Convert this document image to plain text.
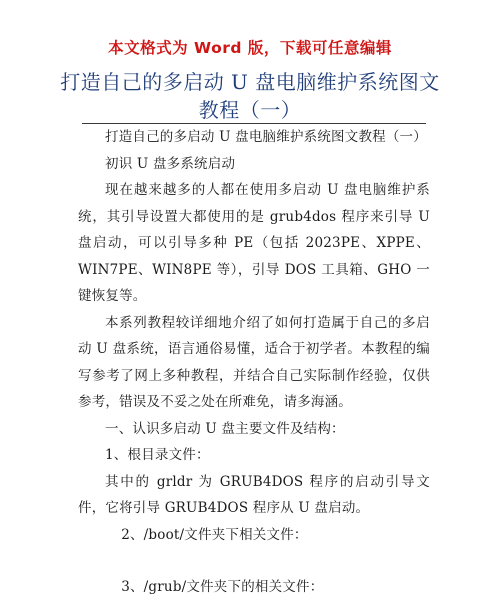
本文格式为 Word 版，下载可任意编辑
打造自己的多启动 U 盘电脑维护系统图文
教程（一）

打造自己的多启动 U 盘电脑维护系统图文教程（一）

初识 U 盘多系统启动

现在越来越多的人都在使用多启动 U 盘电脑维护系统，其引导设置大都使用的是 grub4dos 程序来引导 U 盘启动，可以引导多种 PE（包括 2023PE、XPPE、WIN7PE、WIN8PE 等），引导 DOS 工具箱、GHO 一键恢复等。

本系列教程较详细地介绍了如何打造属于自己的多启动 U 盘系统，语言通俗易懂，适合于初学者。本教程的编写参考了网上多种教程，并结合自己实际制作经验，仅供参考，错误及不妥之处在所难免，请多海涵。

一、认识多启动 U 盘主要文件及结构：

1、根目录文件：

其中的 grldr 为 GRUB4DOS 程序的启动引导文件，它将引导 GRUB4DOS 程序从 U 盘启动。

2、/boot/文件夹下相关文件：

3、/grub/文件夹下的相关文件：
